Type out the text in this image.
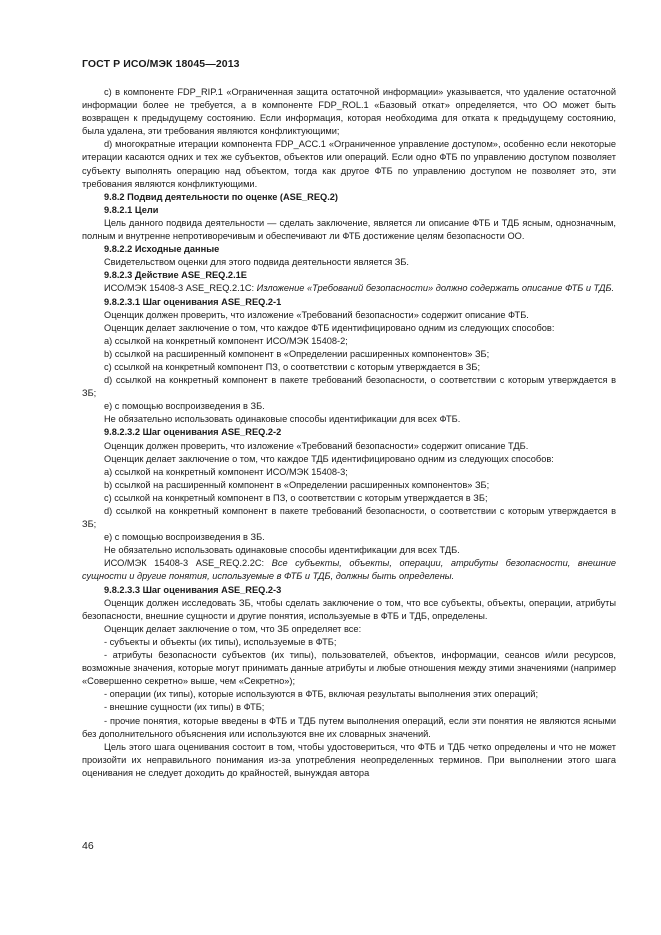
ГОСТ Р ИСО/МЭК 18045—2013

c) в компоненте FDP_RIP.1 «Ограниченная защита остаточной информации» указывается, что удаление остаточной информации более не требуется, а в компоненте FDP_ROL.1 «Базовый откат» определяется, что ОО может быть возвращен к предыдущему состоянию. Если информация, которая необходима для отката к предыдущему состоянию, была удалена, эти требования являются конфликтующими;

d) многократные итерации компонента FDP_ACC.1 «Ограниченное управление доступом», особенно если некоторые итерации касаются одних и тех же субъектов, объектов или операций. Если одно ФТБ по управлению доступом позволяет субъекту выполнять операцию над объектом, тогда как другое ФТБ по управлению доступом не позволяет это, эти требования являются конфликтующими.

9.8.2 Подвид деятельности по оценке (ASE_REQ.2)

9.8.2.1 Цели

Цель данного подвида деятельности — сделать заключение, является ли описание ФТБ и ТДБ ясным, однозначным, полным и внутренне непротиворечивым и обеспечивают ли ФТБ достижение целям безопасности ОО.

9.8.2.2 Исходные данные

Свидетельством оценки для этого подвида деятельности является ЗБ.

9.8.2.3 Действие ASE_REQ.2.1E

ИСО/МЭК 15408-3 ASE_REQ.2.1C: Изложение «Требований безопасности» должно содержать описание ФТБ и ТДБ.

9.8.2.3.1 Шаг оценивания ASE_REQ.2-1

Оценщик должен проверить, что изложение «Требований безопасности» содержит описание ФТБ.

Оценщик делает заключение о том, что каждое ФТБ идентифицировано одним из следующих способов:

a) ссылкой на конкретный компонент ИСО/МЭК 15408-2;

b) ссылкой на расширенный компонент в «Определении расширенных компонентов» ЗБ;

c) ссылкой на конкретный компонент ПЗ, о соответствии с которым утверждается в ЗБ;

d) ссылкой на конкретный компонент в пакете требований безопасности, о соответствии с которым утверждается в ЗБ;

e) с помощью воспроизведения в ЗБ.

Не обязательно использовать одинаковые способы идентификации для всех ФТБ.

9.8.2.3.2 Шаг оценивания ASE_REQ.2-2

Оценщик должен проверить, что изложение «Требований безопасности» содержит описание ТДБ.

Оценщик делает заключение о том, что каждое ТДБ идентифицировано одним из следующих способов:

a) ссылкой на конкретный компонент ИСО/МЭК 15408-3;

b) ссылкой на расширенный компонент в «Определении расширенных компонентов» ЗБ;

c) ссылкой на конкретный компонент в ПЗ, о соответствии с которым утверждается в ЗБ;

d) ссылкой на конкретный компонент в пакете требований безопасности, о соответствии с которым утверждается в ЗБ;

e) с помощью воспроизведения в ЗБ.

Не обязательно использовать одинаковые способы идентификации для всех ТДБ.

ИСО/МЭК 15408-3 ASE_REQ.2.2C: Все субъекты, объекты, операции, атрибуты безопасности, внешние сущности и другие понятия, используемые в ФТБ и ТДБ, должны быть определены.

9.8.2.3.3 Шаг оценивания ASE_REQ.2-3

Оценщик должен исследовать ЗБ, чтобы сделать заключение о том, что все субъекты, объекты, операции, атрибуты безопасности, внешние сущности и другие понятия, используемые в ФТБ и ТДБ, определены.

Оценщик делает заключение о том, что ЗБ определяет все:

- субъекты и объекты (их типы), используемые в ФТБ;

- атрибуты безопасности субъектов (их типы), пользователей, объектов, информации, сеансов и/или ресурсов, возможные значения, которые могут принимать данные атрибуты и любые отношения между этими значениями (например «Совершенно секретно» выше, чем «Секретно»);

- операции (их типы), которые используются в ФТБ, включая результаты выполнения этих операций;

- внешние сущности (их типы) в ФТБ;

- прочие понятия, которые введены в ФТБ и ТДБ путем выполнения операций, если эти понятия не являются ясными без дополнительного объяснения или используются вне их словарных значений.

Цель этого шага оценивания состоит в том, чтобы удостовериться, что ФТБ и ТДБ четко определены и что не может произойти их неправильного понимания из-за употребления неопределенных терминов. При выполнении этого шага оценивания не следует доходить до крайностей, вынуждая автора

46
